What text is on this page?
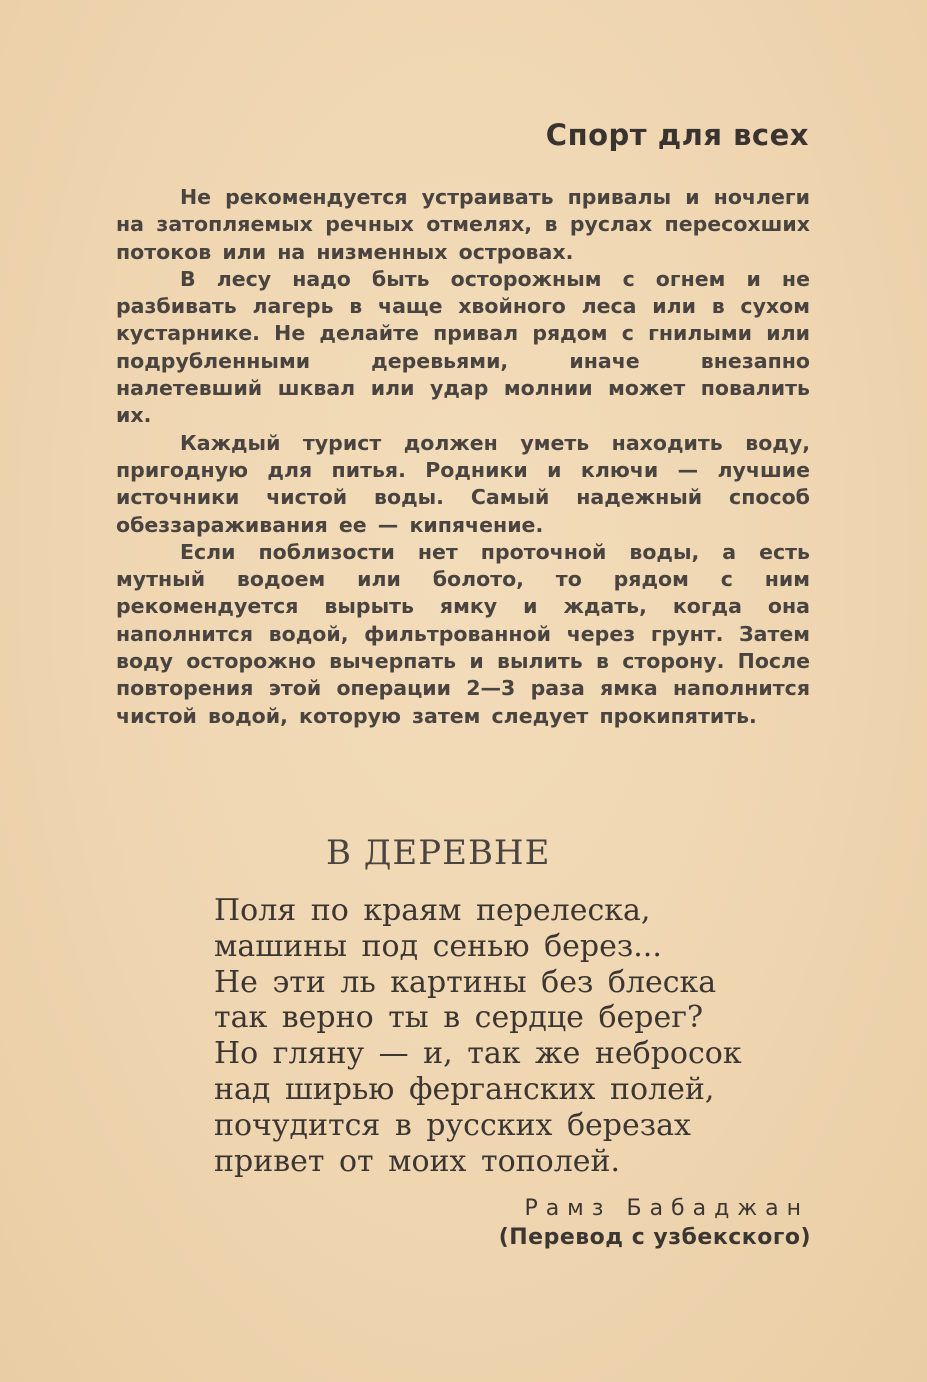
Спорт для всех

Не рекомендуется устраивать привалы и ночлеги на затопляемых речных отмелях, в руслах пересохших потоков или на низменных островах.

В лесу надо быть осторожным с огнем и не разбивать лагерь в чаще хвойного леса или в сухом кустарнике. Не делайте привал рядом с гнилыми или подрубленными деревьями, иначе внезапно налетевший шквал или удар молнии может повалить их.

Каждый турист должен уметь находить воду, пригодную для питья. Родники и ключи — лучшие источники чистой воды. Самый надежный способ обеззараживания ее — кипячение.

Если поблизости нет проточной воды, а есть мутный водоем или болото, то рядом с ним рекомендуется вырыть ямку и ждать, когда она наполнится водой, фильтрованной через грунт. Затем воду осторожно вычерпать и вылить в сторону. После повторения этой операции 2—3 раза ямка наполнится чистой водой, которую затем следует прокипятить.

В ДЕРЕВНЕ
Поля по краям перелеска,
машины под сенью берез...
Не эти ль картины без блеска
так верно ты в сердце берег?
Но гляну — и, так же небросок
над ширью ферганских полей,
почудится в русских березах
привет от моих тополей.
Рамз Бабаджан
(Перевод с узбекского)
